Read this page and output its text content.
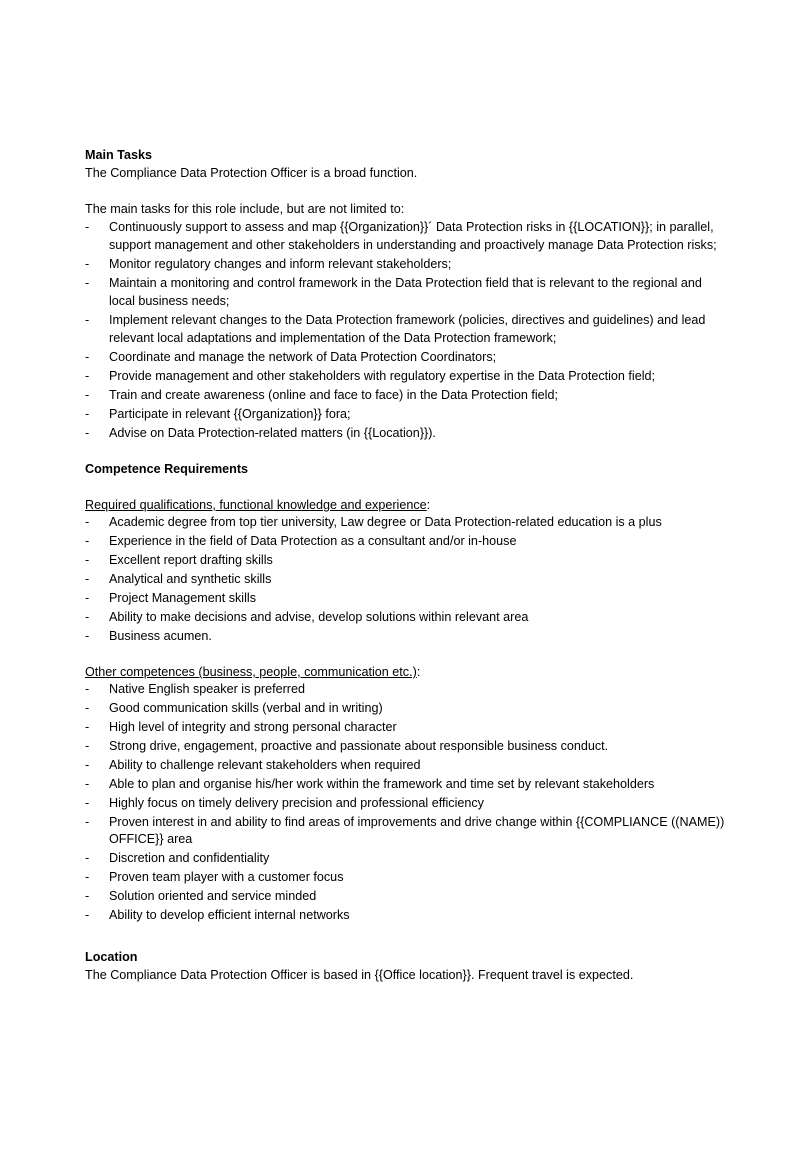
Main Tasks

The Compliance Data Protection Officer is a broad function.

The main tasks for this role include, but are not limited to:

- Continuously support to assess and map {{Organization}}´ Data Protection risks in {{LOCATION}}; in parallel, support management and other stakeholders in understanding and proactively manage Data Protection risks;
- Monitor regulatory changes and inform relevant stakeholders;
- Maintain a monitoring and control framework in the Data Protection field that is relevant to the regional and local business needs;
- Implement relevant changes to the Data Protection framework (policies, directives and guidelines) and lead relevant local adaptations and implementation of the Data Protection framework;
- Coordinate and manage the network of Data Protection Coordinators;
- Provide management and other stakeholders with regulatory expertise in the Data Protection field;
- Train and create awareness (online and face to face) in the Data Protection field;
- Participate in relevant {{Organization}} fora;
- Advise on Data Protection-related matters (in {{Location}}).

Competence Requirements

Required qualifications, functional knowledge and experience:

- Academic degree from top tier university, Law degree or Data Protection-related education is a plus
- Experience in the field of Data Protection as a consultant and/or in-house
- Excellent report drafting skills
- Analytical and synthetic skills
- Project Management skills
- Ability to make decisions and advise, develop solutions within relevant area
- Business acumen.

Other competences (business, people, communication etc.):

- Native English speaker is preferred
- Good communication skills (verbal and in writing)
- High level of integrity and strong personal character
- Strong drive, engagement, proactive and passionate about responsible business conduct.
- Ability to challenge relevant stakeholders when required
- Able to plan and organise his/her work within the framework and time set by relevant stakeholders
- Highly focus on timely delivery precision and professional efficiency
- Proven interest in and ability to find areas of improvements and drive change within {{COMPLIANCE ((NAME)) OFFICE}} area
- Discretion and confidentiality
- Proven team player with a customer focus
- Solution oriented and service minded
- Ability to develop efficient internal networks

Location

The Compliance Data Protection Officer is based in {{Office location}}. Frequent travel is expected.
